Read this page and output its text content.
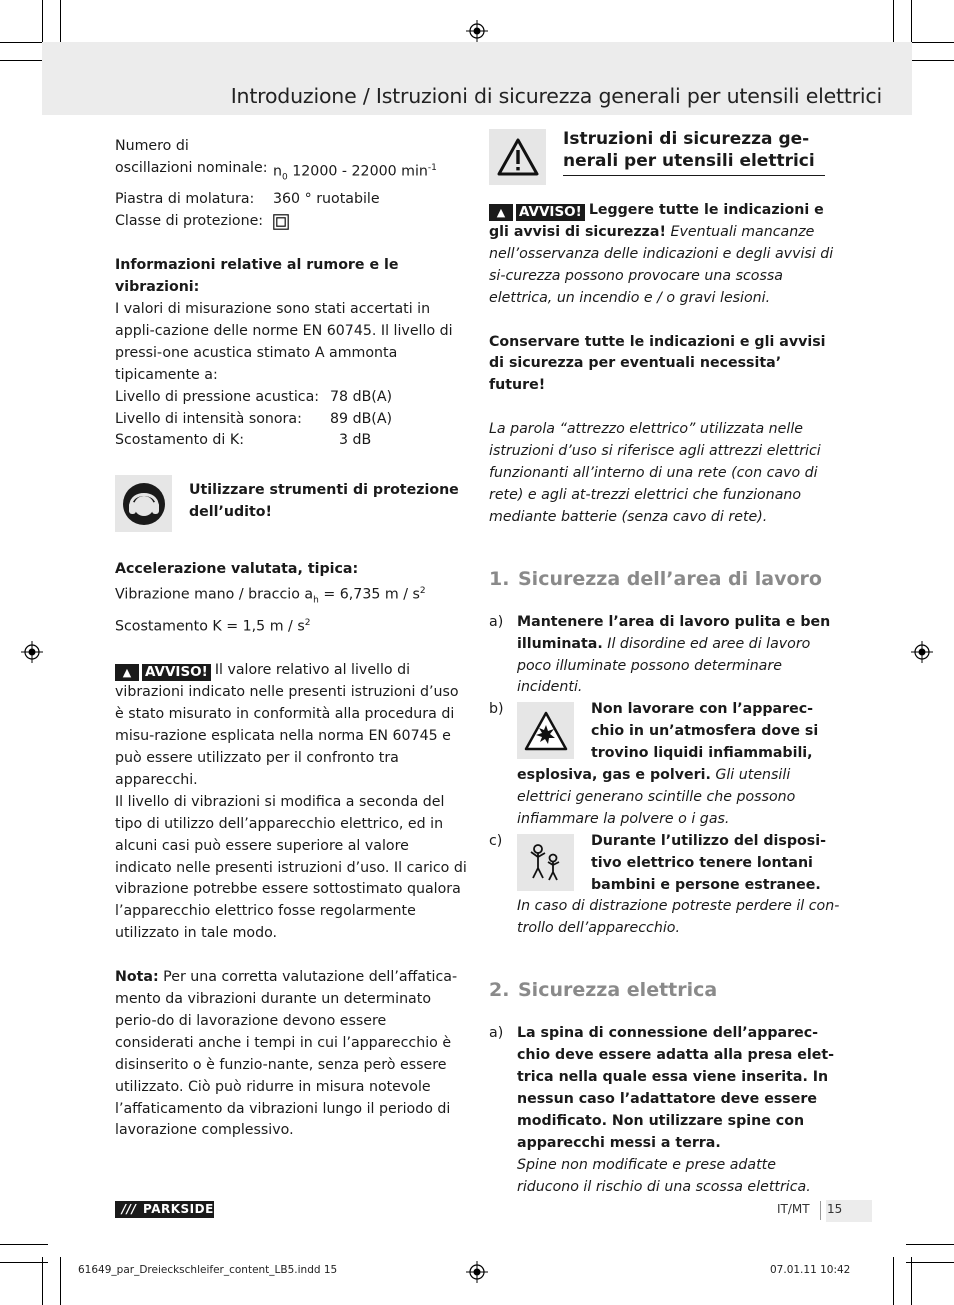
Introduzione / Istruzioni di sicurezza generali per utensili elettrici
Numero di
oscillazioni nominale: $n_0$ 12000 - 22000 $\min^{-1}$
Piastra di molatura:	360 ° ruotabile
Classe di protezione:

Informazioni relative al rumore e le vibrazioni:

I valori di misurazione sono stati accertati in appli-cazione delle norme EN 60745. Il livello di pressi-one acustica stimato A ammonta tipicamente a:

Livello di pressione acustica: 78 dB(A)
Livello di intensità sonora:	89 dB(A)
Scostamento di K:	3 dB

Utilizzare strumenti di protezione dell’udito!

Accelerazione valutata, tipica:

Vibrazione mano / braccio $a_h = 6,735$ m / $s^2$

Scostamento K = 1,5 m / $s^2$

▲	AVVISO! Il valore relativo al livello di vibrazioni indicato nelle presenti istruzioni d’uso è stato misurato in conformità alla procedura di misu-razione esplicata nella norma EN 60745 e può essere utilizzato per il confronto tra apparecchi.

Il livello di vibrazioni si modifica a seconda del tipo di utilizzo dell’apparecchio elettrico, ed in alcuni casi può essere superiore al valore indicato nelle presenti istruzioni d’uso. Il carico di vibrazione potrebbe essere sottostimato qualora l’apparecchio elettrico fosse regolarmente utilizzato in tale modo.

Nota: Per una corretta valutazione dell’affatica-mento da vibrazioni durante un determinato perio-do di lavorazione devono essere considerati anche i tempi in cui l’apparecchio è disinserito o è funzio-nante, senza però essere utilizzato. Ciò può ridurre in misura notevole l’affaticamento da vibrazioni lungo il periodo di lavorazione complessivo.

Istruzioni di sicurezza ge-
nerali per utensili elettrici

▲	AVVISO! Leggere tutte le indicazioni e gli avvisi di sicurezza! Eventuali mancanze nell’osservanza delle indicazioni e degli avvisi di si-curezza possono provocare una scossa elettrica, un incendio e / o gravi lesioni.

Conservare tutte le indicazioni e gli avvisi di sicurezza per eventuali necessita’ future!

La parola “attrezzo elettrico” utilizzata nelle istruzioni d’uso si riferisce agli attrezzi elettrici funzionanti all’interno di una rete (con cavo di rete) e agli at-trezzi elettrici che funzionano mediante batterie (senza cavo di rete).

1. Sicurezza dell’area di lavoro
a) Mantenere l’area di lavoro pulita e ben illuminata. Il disordine ed aree di lavoro poco illuminate possono determinare incidenti.
b)	Non lavorare con l’apparec-
chio in un’atmosfera dove si
trovino liquidi infiammabili,
esplosiva, gas e polveri. Gli utensili elettrici generano scintille che possono infiammare la polvere o i gas.
c)	Durante l’utilizzo del disposi-
tivo elettrico tenere lontani
bambini e persone estranee.
In caso di distrazione potreste perdere il con-trollo dell’apparecchio.
2. Sicurezza elettrica
a) La spina di connessione dell’apparec-chio deve essere adatta alla presa elet-trica nella quale essa viene inserita. In nessun caso l’adattatore deve essere modificato. Non utilizzare spine con apparecchi messi a terra.
Spine non modificate e prese adatte riducono il rischio di una scossa elettrica.
/// PARKSIDE	IT/MT 15
61649_par_Dreieckschleifer_content_LB5.indd 15	07.01.11 10:42
